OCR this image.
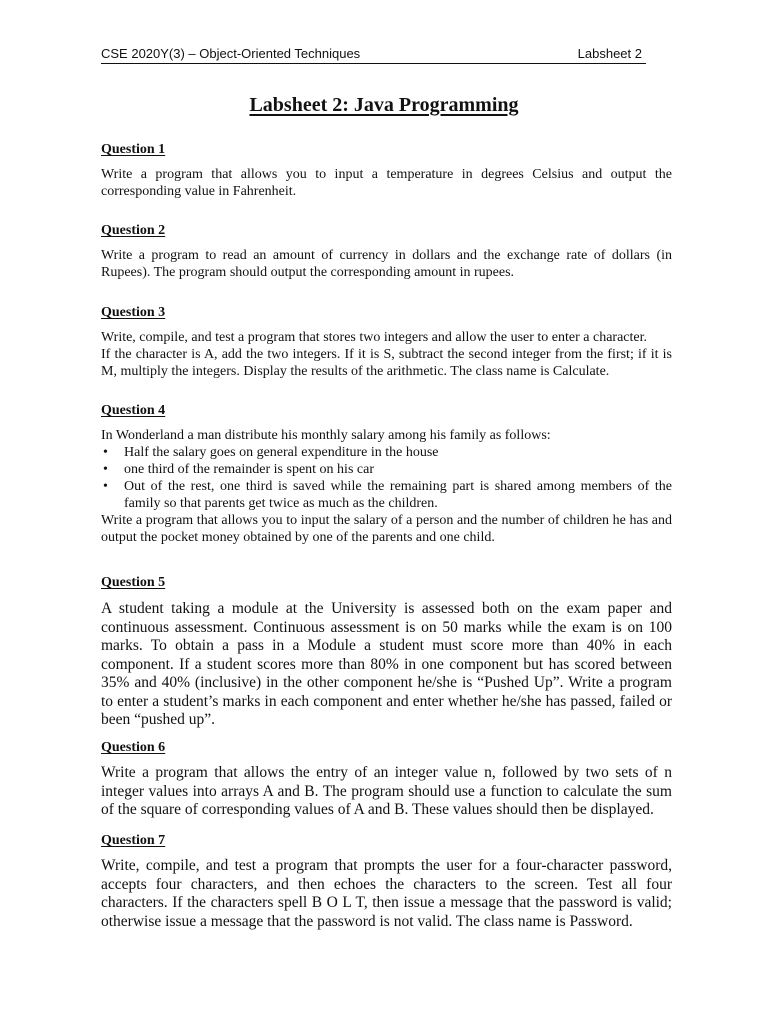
CSE 2020Y(3) – Object-Oriented Techniques	Labsheet 2
Labsheet 2: Java Programming
Question 1

Write a program that allows you to input a temperature in degrees Celsius and output the corresponding value in Fahrenheit.

Question 2

Write a program to read an amount of currency in dollars and the exchange rate of dollars (in Rupees). The program should output the corresponding amount in rupees.

Question 3

Write, compile, and test a program that stores two integers and allow the user to enter a character.

If the character is A, add the two integers. If it is S, subtract the second integer from the first; if it is M, multiply the integers. Display the results of the arithmetic. The class name is Calculate.

Question 4

In Wonderland a man distribute his monthly salary among his family as follows:

• Half the salary goes on general expenditure in the house
• one third of the remainder is spent on his car
• Out of the rest, one third is saved while the remaining part is shared among members of the family so that parents get twice as much as the children.

Write a program that allows you to input the salary of a person and the number of children he has and output the pocket money obtained by one of the parents and one child.

Question 5

A student taking a module at the University is assessed both on the exam paper and continuous assessment. Continuous assessment is on 50 marks while the exam is on 100 marks. To obtain a pass in a Module a student must score more than 40% in each component. If a student scores more than 80% in one component but has scored between 35% and 40% (inclusive) in the other component he/she is “Pushed Up”. Write a program to enter a student’s marks in each component and enter whether he/she has passed, failed or been “pushed up”.

Question 6

Write a program that allows the entry of an integer value n, followed by two sets of n integer values into arrays A and B. The program should use a function to calculate the sum of the square of corresponding values of A and B. These values should then be displayed.

Question 7

Write, compile, and test a program that prompts the user for a four-character password, accepts four characters, and then echoes the characters to the screen. Test all four characters. If the characters spell B O L T, then issue a message that the password is valid; otherwise issue a message that the password is not valid. The class name is Password.
